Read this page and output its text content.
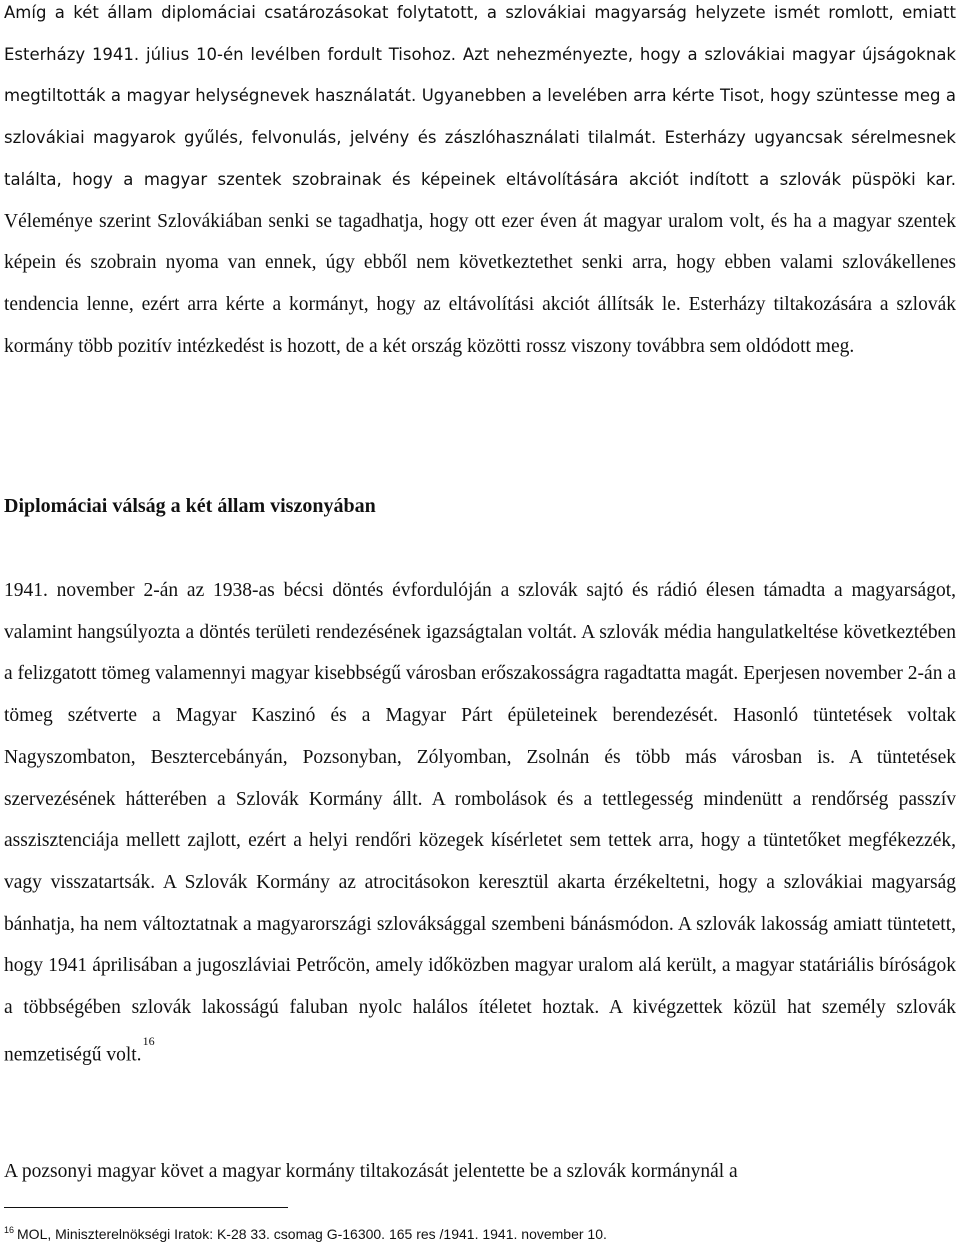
Amíg a két állam diplomáciai csatározásokat folytatott, a szlovákiai magyarság helyzete ismét romlott, emiatt Esterházy 1941. július 10-én levélben fordult Tisohoz. Azt nehezményezte, hogy a szlovákiai magyar újságoknak megtiltották a magyar helységnevek használatát. Ugyanebben a levelében arra kérte Tisot, hogy szüntesse meg a szlovákiai magyarok gyűlés, felvonulás, jelvény és zászlóhasználati tilalmát. Esterházy ugyancsak sérelmesnek találta, hogy a magyar szentek szobrainak és képeinek eltávolítására akciót indított a szlovák püspöki kar. Véleménye szerint Szlovákiában senki se tagadhatja, hogy ott ezer éven át magyar uralom volt, és ha a magyar szentek képein és szobrain nyoma van ennek, úgy ebből nem következtethet senki arra, hogy ebben valami szlovákellenes tendencia lenne, ezért arra kérte a kormányt, hogy az eltávolítási akciót állítsák le. Esterházy tiltakozására a szlovák kormány több pozitív intézkedést is hozott, de a két ország közötti rossz viszony továbbra sem oldódott meg.

Diplomáciai válság a két állam viszonyában

1941. november 2-án az 1938-as bécsi döntés évfordulóján a szlovák sajtó és rádió élesen támadta a magyarságot, valamint hangsúlyozta a döntés területi rendezésének igazságtalan voltát. A szlovák média hangulatkeltése következtében a felizgatott tömeg valamennyi magyar kisebbségű városban erőszakosságra ragadtatta magát. Eperjesen november 2-án a tömeg szétverte a Magyar Kaszinó és a Magyar Párt épületeinek berendezését. Hasonló tüntetések voltak Nagyszombaton, Besztercebányán, Pozsonyban, Zólyomban, Zsolnán és több más városban is. A tüntetések szervezésének hátterében a Szlovák Kormány állt. A rombolások és a tettlegesség mindenütt a rendőrség passzív asszisztenciája mellett zajlott, ezért a helyi rendőri közegek kísérletet sem tettek arra, hogy a tüntetőket megfékezzék, vagy visszatartsák. A Szlovák Kormány az atrocitásokon keresztül akarta érzékeltetni, hogy a szlovákiai magyarság bánhatja, ha nem változtatnak a magyarországi szlováksággal szembeni bánásmódon. A szlovák lakosság amiatt tüntetett, hogy 1941 áprilisában a jugoszláviai Petrőcön, amely időközben magyar uralom alá került, a magyar statáriális bíróságok a többségében szlovák lakosságú faluban nyolc halálos ítéletet hoztak. A kivégzettek közül hat személy szlovák nemzetiségű volt.$^{16}$

A pozsonyi magyar követ a magyar kormány tiltakozását jelentette be a szlovák kormánynál a

$^{16}$ MOL, Miniszterelnökségi Iratok: K-28 33. csomag G-16300. 165 res /1941. 1941. november 10.
